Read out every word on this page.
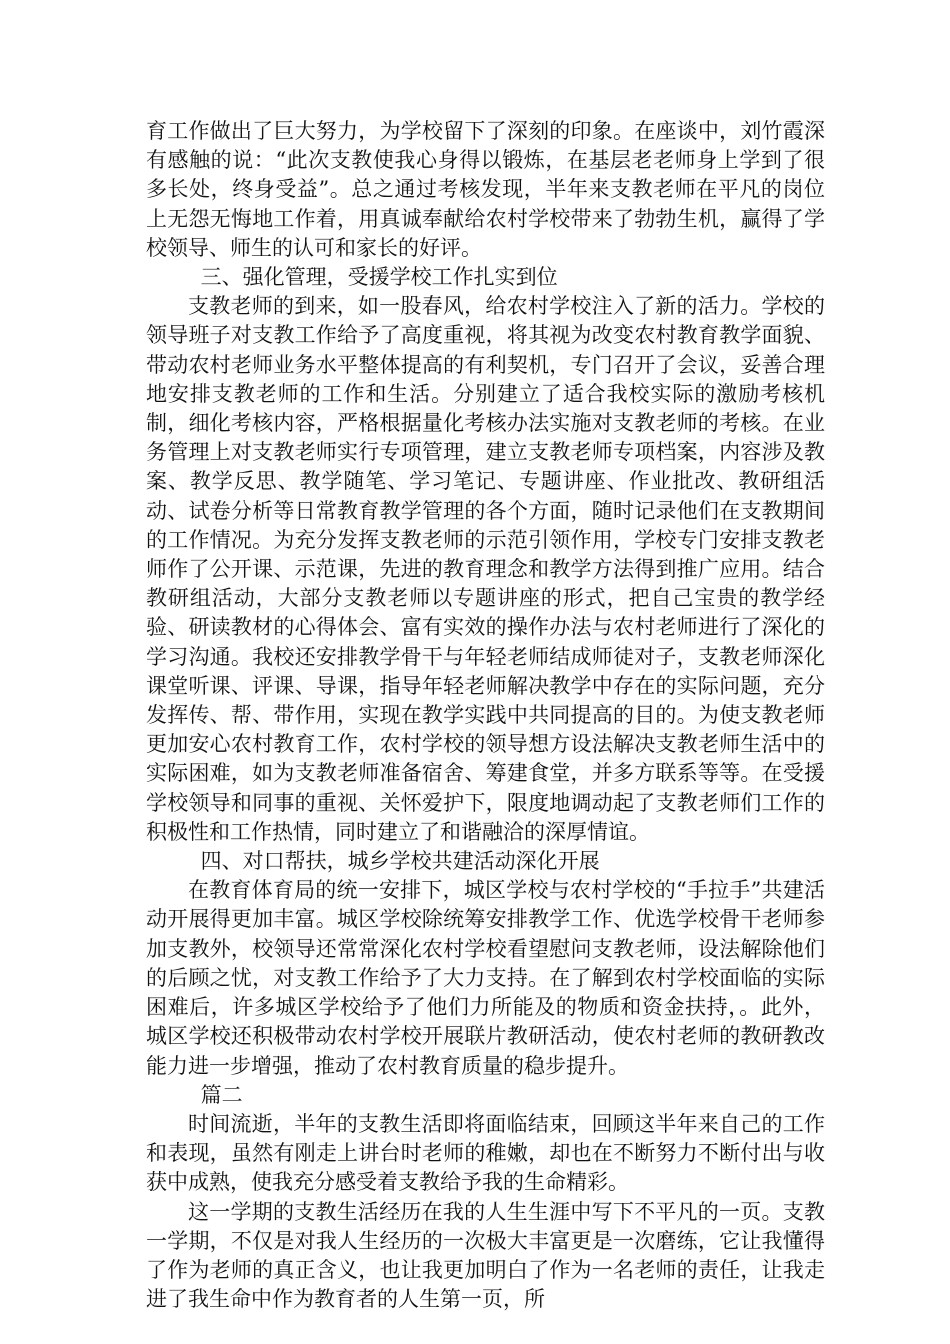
育工作做出了巨大努力，为学校留下了深刻的印象。在座谈中，刘竹霞深有感触的说：“此次支教使我心身得以锻炼，在基层老老师身上学到了很多长处，终身受益”。总之通过考核发现，半年来支教老师在平凡的岗位上无怨无悔地工作着，用真诚奉献给农村学校带来了勃勃生机，赢得了学校领导、师生的认可和家长的好评。

三、强化管理，受援学校工作扎实到位

支教老师的到来，如一股春风，给农村学校注入了新的活力。学校的领导班子对支教工作给予了高度重视，将其视为改变农村教育教学面貌、带动农村老师业务水平整体提高的有利契机，专门召开了会议，妥善合理地安排支教老师的工作和生活。分别建立了适合我校实际的激励考核机制，细化考核内容，严格根据量化考核办法实施对支教老师的考核。在业务管理上对支教老师实行专项管理，建立支教老师专项档案，内容涉及教案、教学反思、教学随笔、学习笔记、专题讲座、作业批改、教研组活动、试卷分析等日常教育教学管理的各个方面，随时记录他们在支教期间的工作情况。为充分发挥支教老师的示范引领作用，学校专门安排支教老师作了公开课、示范课，先进的教育理念和教学方法得到推广应用。结合教研组活动，大部分支教老师以专题讲座的形式，把自己宝贵的教学经验、研读教材的心得体会、富有实效的操作办法与农村老师进行了深化的学习沟通。我校还安排教学骨干与年轻老师结成师徒对子，支教老师深化课堂听课、评课、导课，指导年轻老师解决教学中存在的实际问题，充分发挥传、帮、带作用，实现在教学实践中共同提高的目的。为使支教老师更加安心农村教育工作，农村学校的领导想方设法解决支教老师生活中的实际困难，如为支教老师准备宿舍、筹建食堂，并多方联系等等。在受援学校领导和同事的重视、关怀爱护下，限度地调动起了支教老师们工作的积极性和工作热情，同时建立了和谐融洽的深厚情谊。

四、对口帮扶，城乡学校共建活动深化开展

在教育体育局的统一安排下，城区学校与农村学校的“手拉手”共建活动开展得更加丰富。城区学校除统筹安排教学工作、优选学校骨干老师参加支教外，校领导还常常深化农村学校看望慰问支教老师，设法解除他们的后顾之忧，对支教工作给予了大力支持。在了解到农村学校面临的实际困难后，许多城区学校给予了他们力所能及的物质和资金扶持，。此外，城区学校还积极带动农村学校开展联片教研活动，使农村老师的教研教改能力进一步增强，推动了农村教育质量的稳步提升。

篇二

时间流逝，半年的支教生活即将面临结束，回顾这半年来自己的工作和表现，虽然有刚走上讲台时老师的稚嫩，却也在不断努力不断付出与收获中成熟，使我充分感受着支教给予我的生命精彩。

这一学期的支教生活经历在我的人生生涯中写下不平凡的一页。支教一学期，不仅是对我人生经历的一次极大丰富更是一次磨练，它让我懂得了作为老师的真正含义，也让我更加明白了作为一名老师的责任，让我走进了我生命中作为教育者的人生第一页，所
